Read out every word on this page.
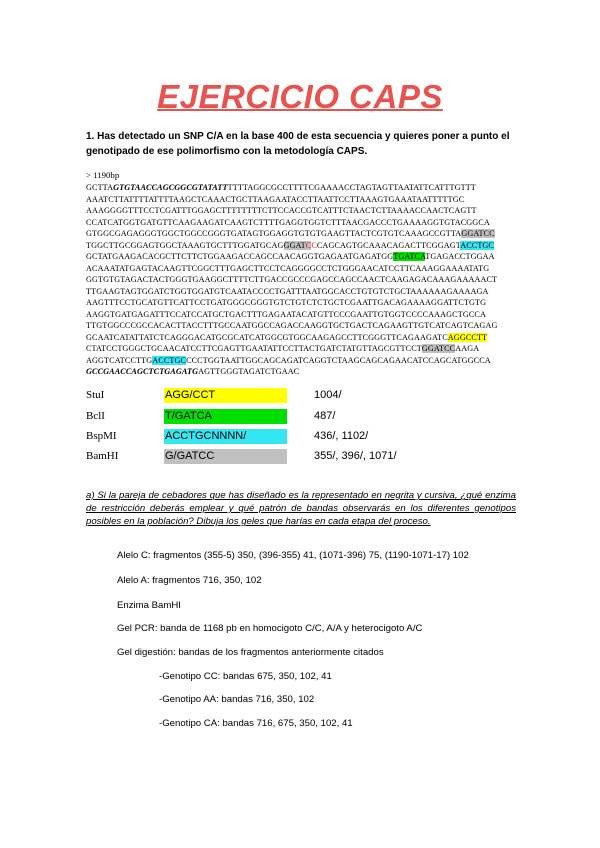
EJERCICIO CAPS
1. Has detectado un SNP C/A en la base 400 de esta secuencia y quieres poner a punto el genotipado de ese polimorfismo con la metodología CAPS.
> 1190bp
GCTTAGTGTAACCAGCGGCGTATATTTTTTAGGCGCCTTTTCGAAAACCTAGTAGTTAATATTCATTTGTTT
AAATCTTATTTTATTTTAAGCTCAAACTGCTTAAGAATACCTTAATTCCTTAAAGTGAAATAATTTTTGC
AAAGGGGTTTCCTCGATTTGGAGCTTTTTTTTCTTCCACCGTCATTTCTAACTCTTAAAACCAACTCAGTT
CCATCATGGTGATGTTCAAGAAGATCAAGTCTTTTGAGGTGGTCTTTAACGACCCTGAAAAGGTGTACGGCA
GTGGCGAGAGGGTGGCTGGCCGGGTGATAGTGGAGGTGTGTGAAGTTACTCGTGTCAAAGCCGTTAGGATCC
TGGCTTGCGGAGTGGCTAAAGTGCTTTGGATGCAGGGATCCCAGCAGTGCAAACAGACTTCGGAGTACCTGC
GCTATGAAGACACGCTTCTTCTGGAAGACCAGCCAACAGGTGAGAATGAGATGGTGATCATGAGACCTGGAA
ACAAATATGAGTACAAGTTCGGCTTTGAGCTTCCTCAGGGGCCTCTGGGAACATCCTTCAAAGGAAAATATG
GGTGTGTAGACTACTGGGTGAAGGCTTTTCTTGACCGCCCGAGCCAGCCAACTCAAGAGACAAAGAAAAACT
TTGAAGTAGTGGATCTGGTGGATGTCAATACCCCTGATTTAATGGCACCTGTGTCTGCTAAAAAAGAAAAGA
AAGTTTCCTGCATGTTCATTCCTGATGGGCGGGTGTCTGTCTCTGCTCGAATTGACAGAAAAGGATTCTGTG
AAGGTGATGAGATTTCCATCCATGCTGACTTTGAGAATACATGTTCCCGAATTGTGGTCCCCAAAGCTGCCA
TTGTGGCCCGCCACACTTACCTTTGCCAATGGCCAGACCAAGGTGCTGACTCAGAAGTTGTCATCAGTCAGAG
GCAATCATATTATCTCAGGGACATGCGCATCATGGCGTGGCAAGAGCCTTCGGGTTCAGAAGATCAGGCCTT
CTATCCTGGGCTGCAACATCCTTCGAGTTGAATATTCCTTACTGATCTATGTTAGCGTTCCTGGATCCAAGA
AGGTCATCCTTGACCTGCCCCTGGTAATTGGCAGCAGATCAGGTCTAAGCAGCAGAACATCCAGCATGGCCA
GCCGAACCAGCTCTGAGATGAGTTGGGTAGATCTGAAC
StuI	AGG/CCT	1004/
BclI	T/GATCA	487/
BspMI	ACCTGCNNNN/	436/, 1102/
BamHI	G/GATCC	355/, 396/, 1071/
a) Si la pareja de cebadores que has diseñado es la representado en negrita y cursiva, ¿qué enzima de restricción deberás emplear y qué patrón de bandas observarás en los diferentes genotipos posibles en la población? Dibuja los geles que harías en cada etapa del proceso.
Alelo C: fragmentos (355-5) 350, (396-355) 41, (1071-396) 75, (1190-1071-17) 102
Alelo A: fragmentos 716, 350, 102
Enzima BamHI
Gel PCR: banda de 1168 pb en homocigoto C/C, A/A y heterocigoto A/C
Gel digestión: bandas de los fragmentos anteriormente citados
-Genotipo CC: bandas 675, 350, 102, 41
-Genotipo AA: bandas 716, 350, 102
-Genotipo CA: bandas 716, 675, 350, 102, 41
